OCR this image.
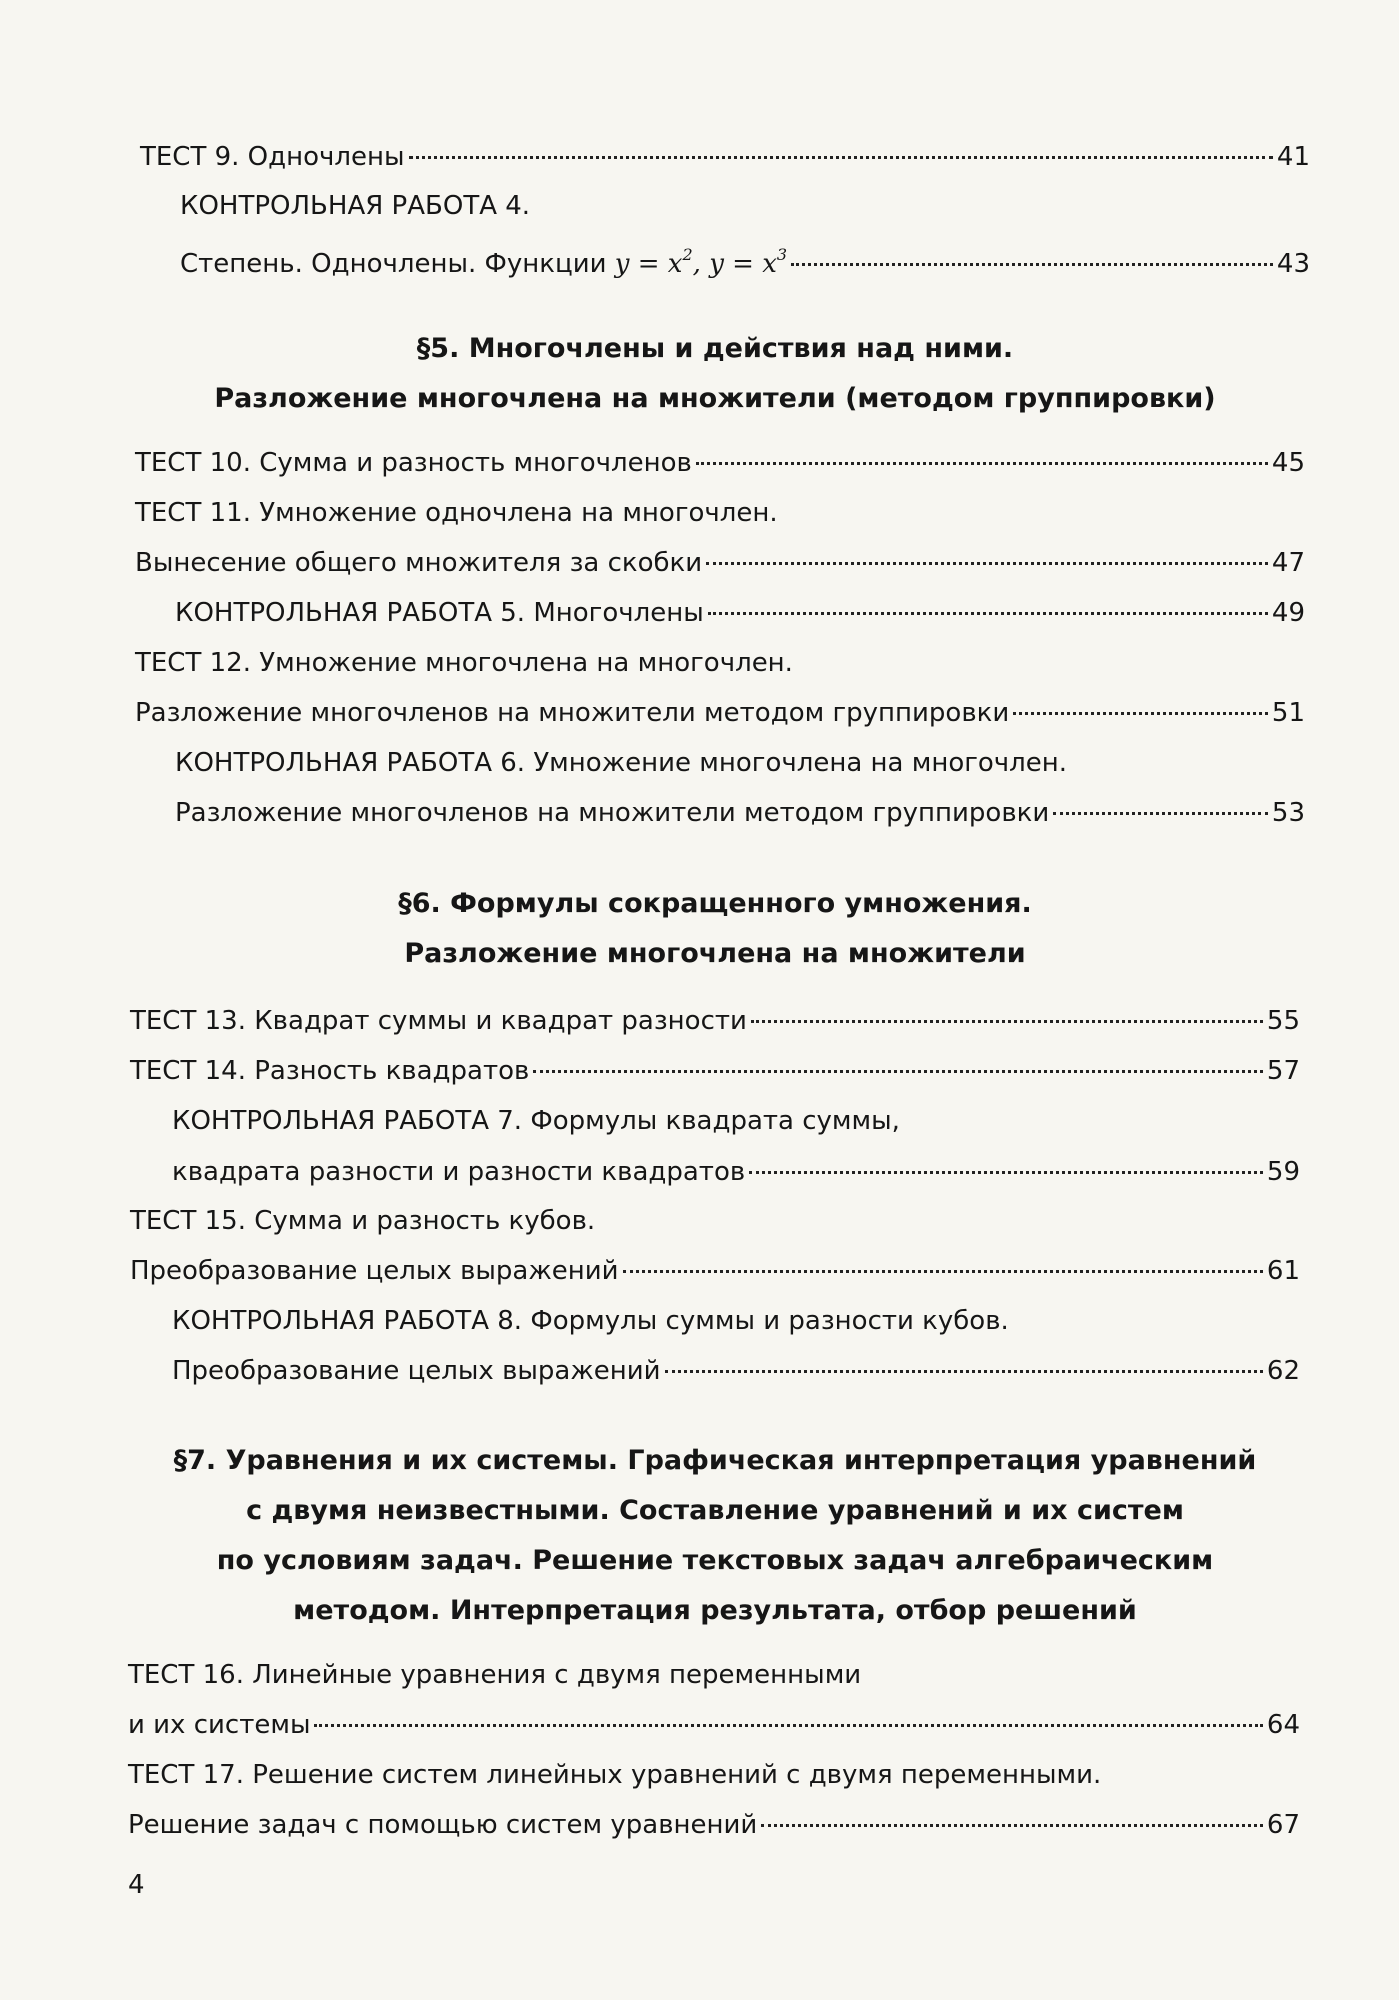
ТЕСТ 9. Одночлены	41
КОНТРОЛЬНАЯ РАБОТА 4.
Степень. Одночлены. Функции $y = x^2$, $y = x^3$	43
§5. Многочлены и действия над ними.
Разложение многочлена на множители (методом группировки)
ТЕСТ 10. Сумма и разность многочленов	45
ТЕСТ 11. Умножение одночлена на многочлен.
Вынесение общего множителя за скобки	47
КОНТРОЛЬНАЯ РАБОТА 5. Многочлены	49
ТЕСТ 12. Умножение многочлена на многочлен.
Разложение многочленов на множители методом группировки	51
КОНТРОЛЬНАЯ РАБОТА 6. Умножение многочлена на многочлен.
Разложение многочленов на множители методом группировки	53
§6. Формулы сокращенного умножения.
Разложение многочлена на множители
ТЕСТ 13. Квадрат суммы и квадрат разности	55
ТЕСТ 14. Разность квадратов	57
КОНТРОЛЬНАЯ РАБОТА 7. Формулы квадрата суммы,
квадрата разности и разности квадратов	59
ТЕСТ 15. Сумма и разность кубов.
Преобразование целых выражений	61
КОНТРОЛЬНАЯ РАБОТА 8. Формулы суммы и разности кубов.
Преобразование целых выражений	62
§7. Уравнения и их системы. Графическая интерпретация уравнений
с двумя неизвестными. Составление уравнений и их систем
по условиям задач. Решение текстовых задач алгебраическим
методом. Интерпретация результата, отбор решений
ТЕСТ 16. Линейные уравнения с двумя переменными
и их системы	64
ТЕСТ 17. Решение систем линейных уравнений с двумя переменными.
Решение задач с помощью систем уравнений	67
4
